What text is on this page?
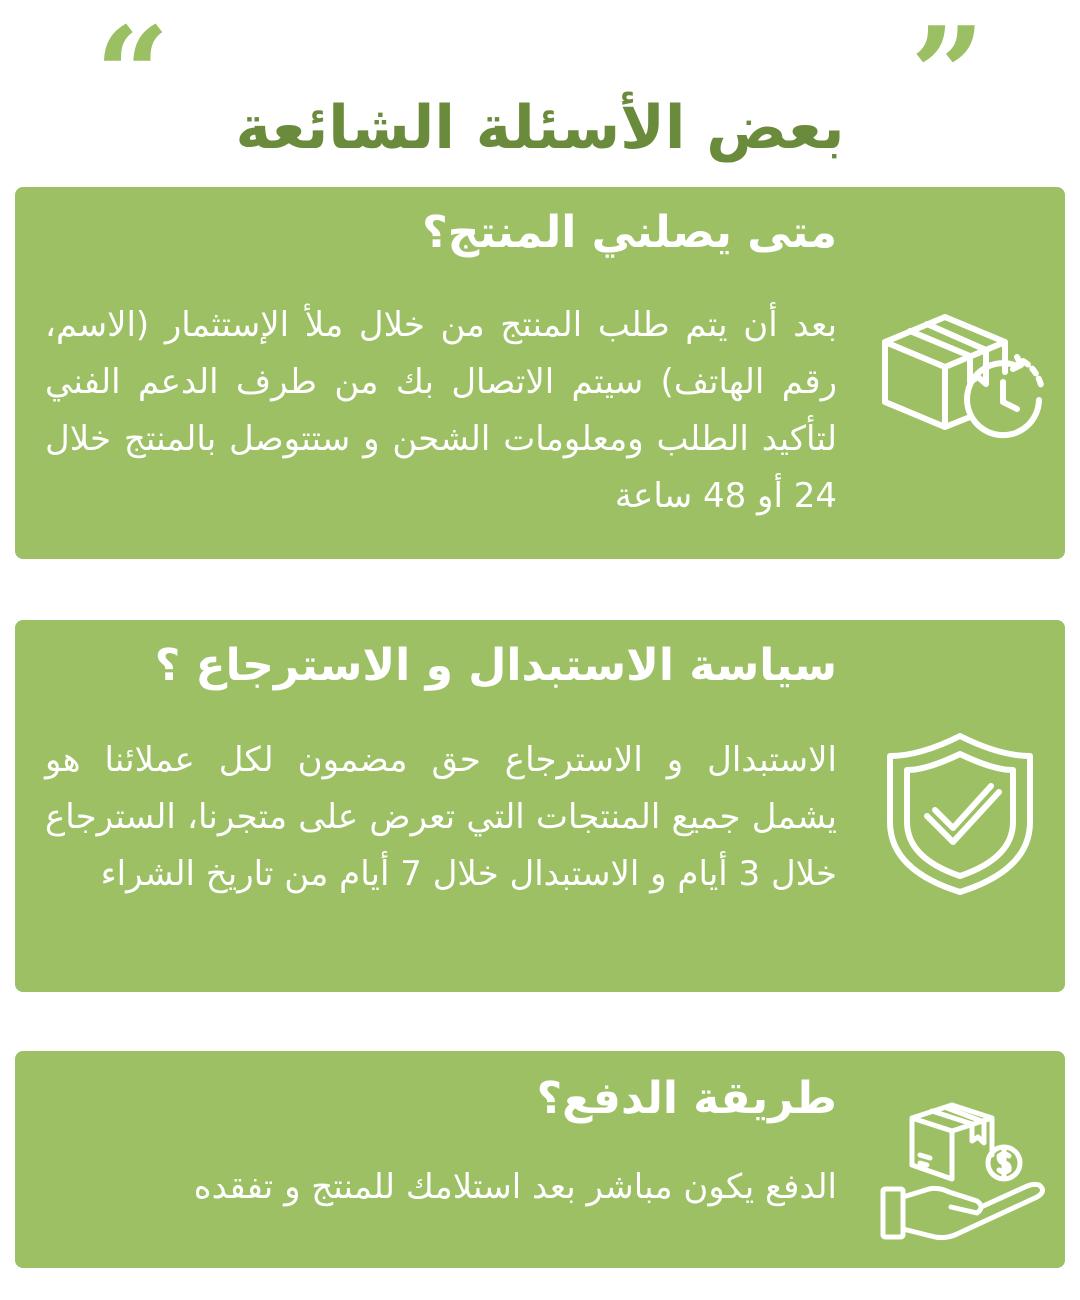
“	بعض الأسئلة الشائعة ”
متى يصلني المنتج؟

بعد أن يتم طلب المنتج من خلال ملأ الإستثمار (الاسم، رقم الهاتف) سيتم الاتصال بك من طرف الدعم الفني لتأكيد الطلب ومعلومات الشحن و ستتوصل بالمنتج خلال 24 أو 48 ساعة

سياسة الاستبدال و الاسترجاع ؟

الاستبدال و الاسترجاع حق مضمون لكل عملائنا هو يشمل جميع المنتجات التي تعرض على متجرنا، السترجاع خلال 3 أيام و الاستبدال خلال 7 أيام من تاريخ الشراء

طريقة الدفع؟

الدفع يكون مباشر بعد استلامك للمنتج و تفقده
